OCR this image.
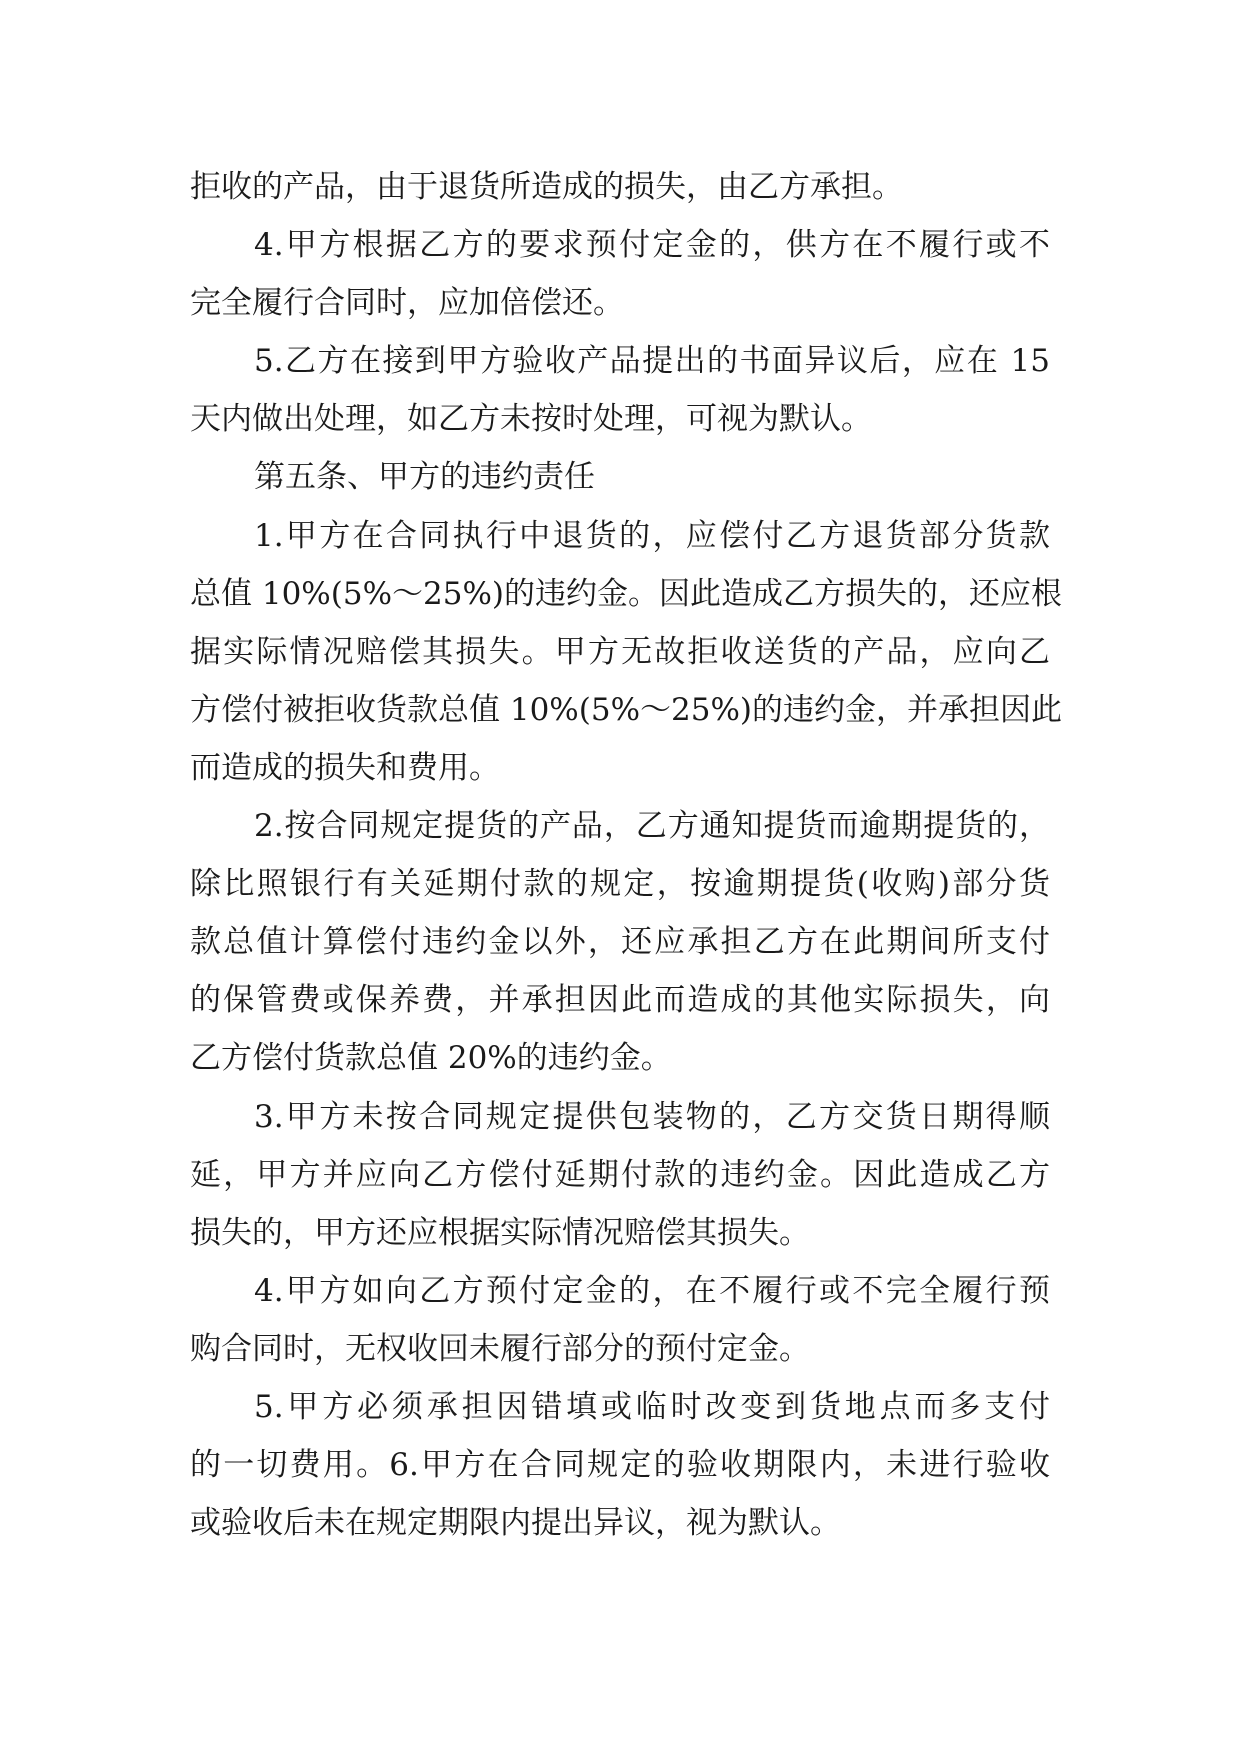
拒收的产品，由于退货所造成的损失，由乙方承担。
4.甲方根据乙方的要求预付定金的，供方在不履行或不
完全履行合同时，应加倍偿还。
5.乙方在接到甲方验收产品提出的书面异议后，应在 15
天内做出处理，如乙方未按时处理，可视为默认。
第五条、甲方的违约责任
1.甲方在合同执行中退货的，应偿付乙方退货部分货款
总值 10%(5%～25%)的违约金。因此造成乙方损失的，还应根
据实际情况赔偿其损失。甲方无故拒收送货的产品，应向乙
方偿付被拒收货款总值 10%(5%～25%)的违约金，并承担因此
而造成的损失和费用。
2.按合同规定提货的产品，乙方通知提货而逾期提货的，
除比照银行有关延期付款的规定，按逾期提货(收购)部分货
款总值计算偿付违约金以外，还应承担乙方在此期间所支付
的保管费或保养费，并承担因此而造成的其他实际损失，向
乙方偿付货款总值 20%的违约金。
3.甲方未按合同规定提供包装物的，乙方交货日期得顺
延，甲方并应向乙方偿付延期付款的违约金。因此造成乙方
损失的，甲方还应根据实际情况赔偿其损失。
4.甲方如向乙方预付定金的，在不履行或不完全履行预
购合同时，无权收回未履行部分的预付定金。
5.甲方必须承担因错填或临时改变到货地点而多支付
的一切费用。6.甲方在合同规定的验收期限内，未进行验收
或验收后未在规定期限内提出异议，视为默认。
